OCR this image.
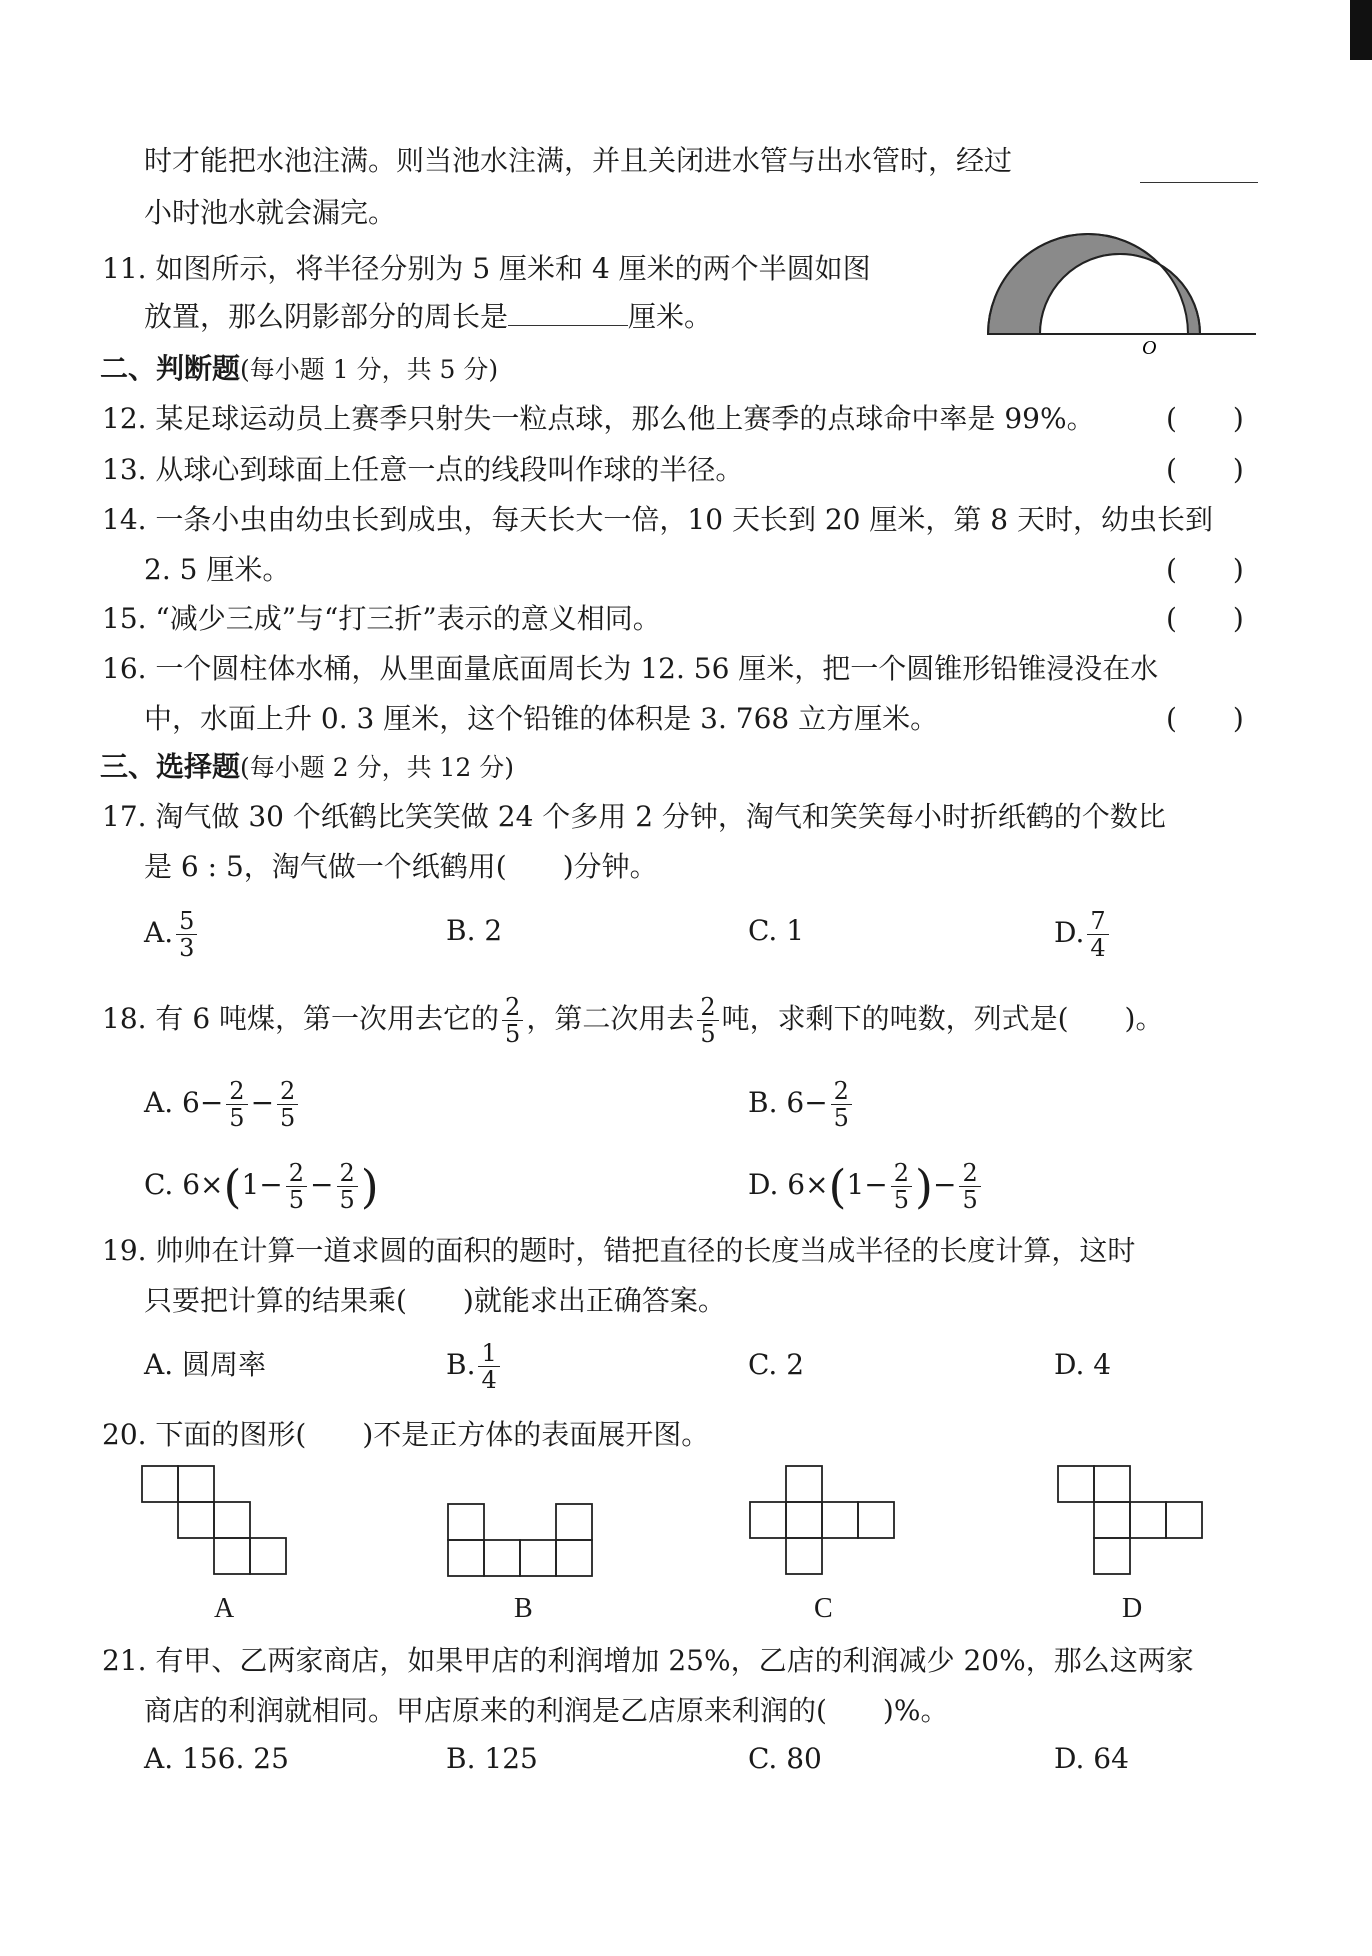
时才能把水池注满。则当池水注满，并且关闭进水管与出水管时，经过
小时池水就会漏完。
11. 如图所示，将半径分别为 5 厘米和 4 厘米的两个半圆如图
放置，那么阴影部分的周长是	厘米。
O
二、判断题(每小题 1 分，共 5 分)
12. 某足球运动员上赛季只射失一粒点球，那么他上赛季的点球命中率是 99%。	(　　)
13. 从球心到球面上任意一点的线段叫作球的半径。	(　　)
14. 一条小虫由幼虫长到成虫，每天长大一倍，10 天长到 20 厘米，第 8 天时，幼虫长到
2. 5 厘米。	(　　)
15. “减少三成”与“打三折”表示的意义相同。	(　　)
16. 一个圆柱体水桶，从里面量底面周长为 12. 56 厘米，把一个圆锥形铅锥浸没在水
中，水面上升 0. 3 厘米，这个铅锥的体积是 3. 768 立方厘米。	(　　)
三、选择题(每小题 2 分，共 12 分)
17. 淘气做 30 个纸鹤比笑笑做 24 个多用 2 分钟，淘气和笑笑每小时折纸鹤的个数比
是 6 : 5，淘气做一个纸鹤用(　　)分钟。
A. $\frac{5}{3}$	B. 2	C. 1	D. $\frac{7}{4}$
18. 有 6 吨煤，第一次用去它的 $\frac{2}{5}$ ，第二次用去 $\frac{2}{5}$ 吨，求剩下的吨数，列式是(　　)。
A. $6- \frac{2}{5} - \frac{2}{5}$	B. $6- \frac{2}{5}$
C. $6\times(1- \frac{2}{5} - \frac{2}{5}$ )	D. $6\times(1- \frac{2}{5}$ )− $\frac{2}{5}$
19. 帅帅在计算一道求圆的面积的题时，错把直径的长度当成半径的长度计算，这时
只要把计算的结果乘(　　)就能求出正确答案。
A. 圆周率	B. $\frac{1}{4}$	C. 2	D. 4
20. 下面的图形(　　)不是正方体的表面展开图。
A	B	C	D
21. 有甲、乙两家商店，如果甲店的利润增加 25%，乙店的利润减少 20%，那么这两家
商店的利润就相同。甲店原来的利润是乙店原来利润的(　　)%。
A. 156. 25	B. 125	C. 80	D. 64
